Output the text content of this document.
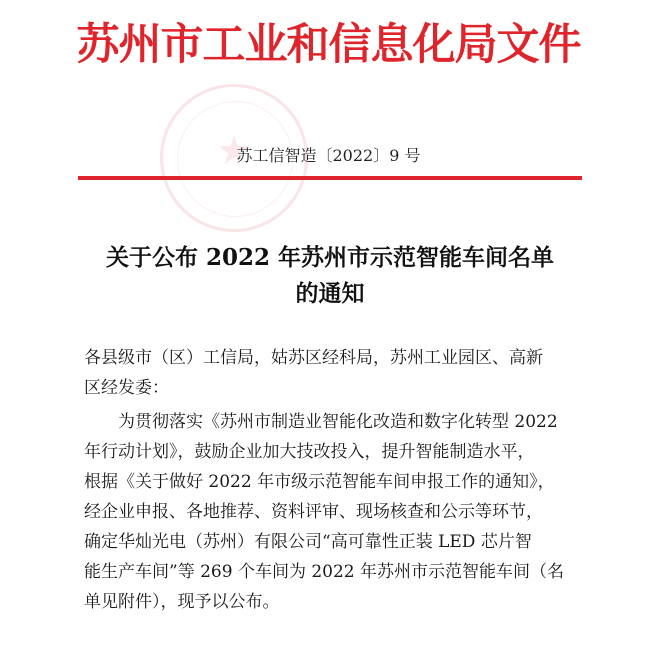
苏州市工业和信息化局文件
★
苏工信智造〔2022〕9 号
关于公布 2022 年苏州市示范智能车间名单
的通知
各县级市（区）工信局，姑苏区经科局，苏州工业园区、高新
区经发委：
为贯彻落实《苏州市制造业智能化改造和数字化转型 2022
年行动计划》，鼓励企业加大技改投入，提升智能制造水平，
根据《关于做好 2022 年市级示范智能车间申报工作的通知》，
经企业申报、各地推荐、资料评审、现场核查和公示等环节，
确定华灿光电（苏州）有限公司“高可靠性正装 LED 芯片智
能生产车间”等 269 个车间为 2022 年苏州市示范智能车间（名
单见附件），现予以公布。
